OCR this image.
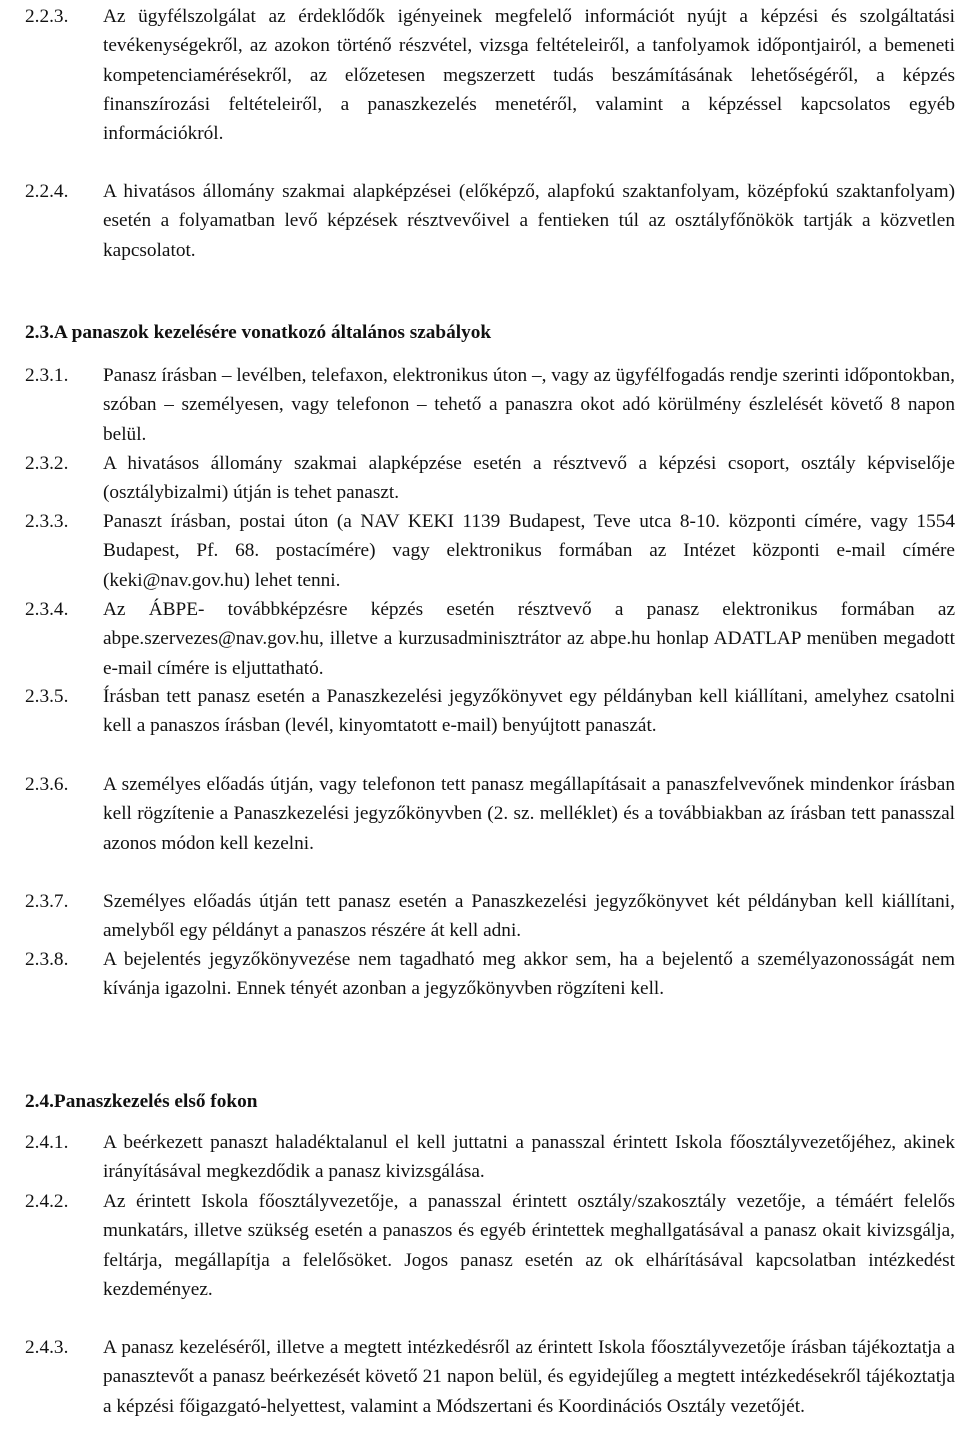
2.2.3.	Az ügyfélszolgálat az érdeklődők igényeinek megfelelő információt nyújt a képzési és szolgáltatási tevékenységekről, az azokon történő részvétel, vizsga feltételeiről, a tanfolyamok időpontjairól, a bemeneti kompetenciamérésekről, az előzetesen megszerzett tudás beszámításának lehetőségéről, a képzés finanszírozási feltételeiről, a panaszkezelés menetéről, valamint a képzéssel kapcsolatos egyéb információkról.
2.2.4.	A hivatásos állomány szakmai alapképzései (előképző, alapfokú szaktanfolyam, középfokú szaktanfolyam) esetén a folyamatban levő képzések résztvevőivel a fentieken túl az osztályfőnökök tartják a közvetlen kapcsolatot.
2.3.A panaszok kezelésére vonatkozó általános szabályok
2.3.1.	Panasz írásban – levélben, telefaxon, elektronikus úton –, vagy az ügyfélfogadás rendje szerinti időpontokban, szóban – személyesen, vagy telefonon – tehető a panaszra okot adó körülmény észlelését követő 8 napon belül.
2.3.2.	A hivatásos állomány szakmai alapképzése esetén a résztvevő a képzési csoport, osztály képviselője (osztálybizalmi) útján is tehet panaszt.
2.3.3.	Panaszt írásban, postai úton (a NAV KEKI 1139 Budapest, Teve utca 8-10. központi címére, vagy 1554 Budapest, Pf. 68. postacímére) vagy elektronikus formában az Intézet központi e-mail címére (keki@nav.gov.hu) lehet tenni.
2.3.4.	Az ÁBPE- továbbképzésre képzés esetén résztvevő a panasz elektronikus formában az abpe.szervezes@nav.gov.hu, illetve a kurzusadminisztrátor az abpe.hu honlap ADATLAP menüben megadott e-mail címére is eljuttatható.
2.3.5.	Írásban tett panasz esetén a Panaszkezelési jegyzőkönyvet egy példányban kell kiállítani, amelyhez csatolni kell a panaszos írásban (levél, kinyomtatott e-mail) benyújtott panaszát.
2.3.6.	A személyes előadás útján, vagy telefonon tett panasz megállapításait a panaszfelvevőnek mindenkor írásban kell rögzítenie a Panaszkezelési jegyzőkönyvben (2. sz. melléklet) és a továbbiakban az írásban tett panasszal azonos módon kell kezelni.
2.3.7.	Személyes előadás útján tett panasz esetén a Panaszkezelési jegyzőkönyvet két példányban kell kiállítani, amelyből egy példányt a panaszos részére át kell adni.
2.3.8.	A bejelentés jegyzőkönyvezése nem tagadható meg akkor sem, ha a bejelentő a személyazonosságát nem kívánja igazolni. Ennek tényét azonban a jegyzőkönyvben rögzíteni kell.
2.4.Panaszkezelés első fokon
2.4.1.	A beérkezett panaszt haladéktalanul el kell juttatni a panasszal érintett Iskola főosztályvezetőjéhez, akinek irányításával megkezdődik a panasz kivizsgálása.
2.4.2.	Az érintett Iskola főosztályvezetője, a panasszal érintett osztály/szakosztály vezetője, a témáért felelős munkatárs, illetve szükség esetén a panaszos és egyéb érintettek meghallgatásával a panasz okait kivizsgálja, feltárja, megállapítja a felelősöket. Jogos panasz esetén az ok elhárításával kapcsolatban intézkedést kezdeményez.
2.4.3.	A panasz kezeléséről, illetve a megtett intézkedésről az érintett Iskola főosztályvezetője írásban tájékoztatja a panasztevőt a panasz beérkezését követő 21 napon belül, és egyidejűleg a megtett intézkedésekről tájékoztatja a képzési főigazgató-helyettest, valamint a Módszertani és Koordinációs Osztály vezetőjét.
